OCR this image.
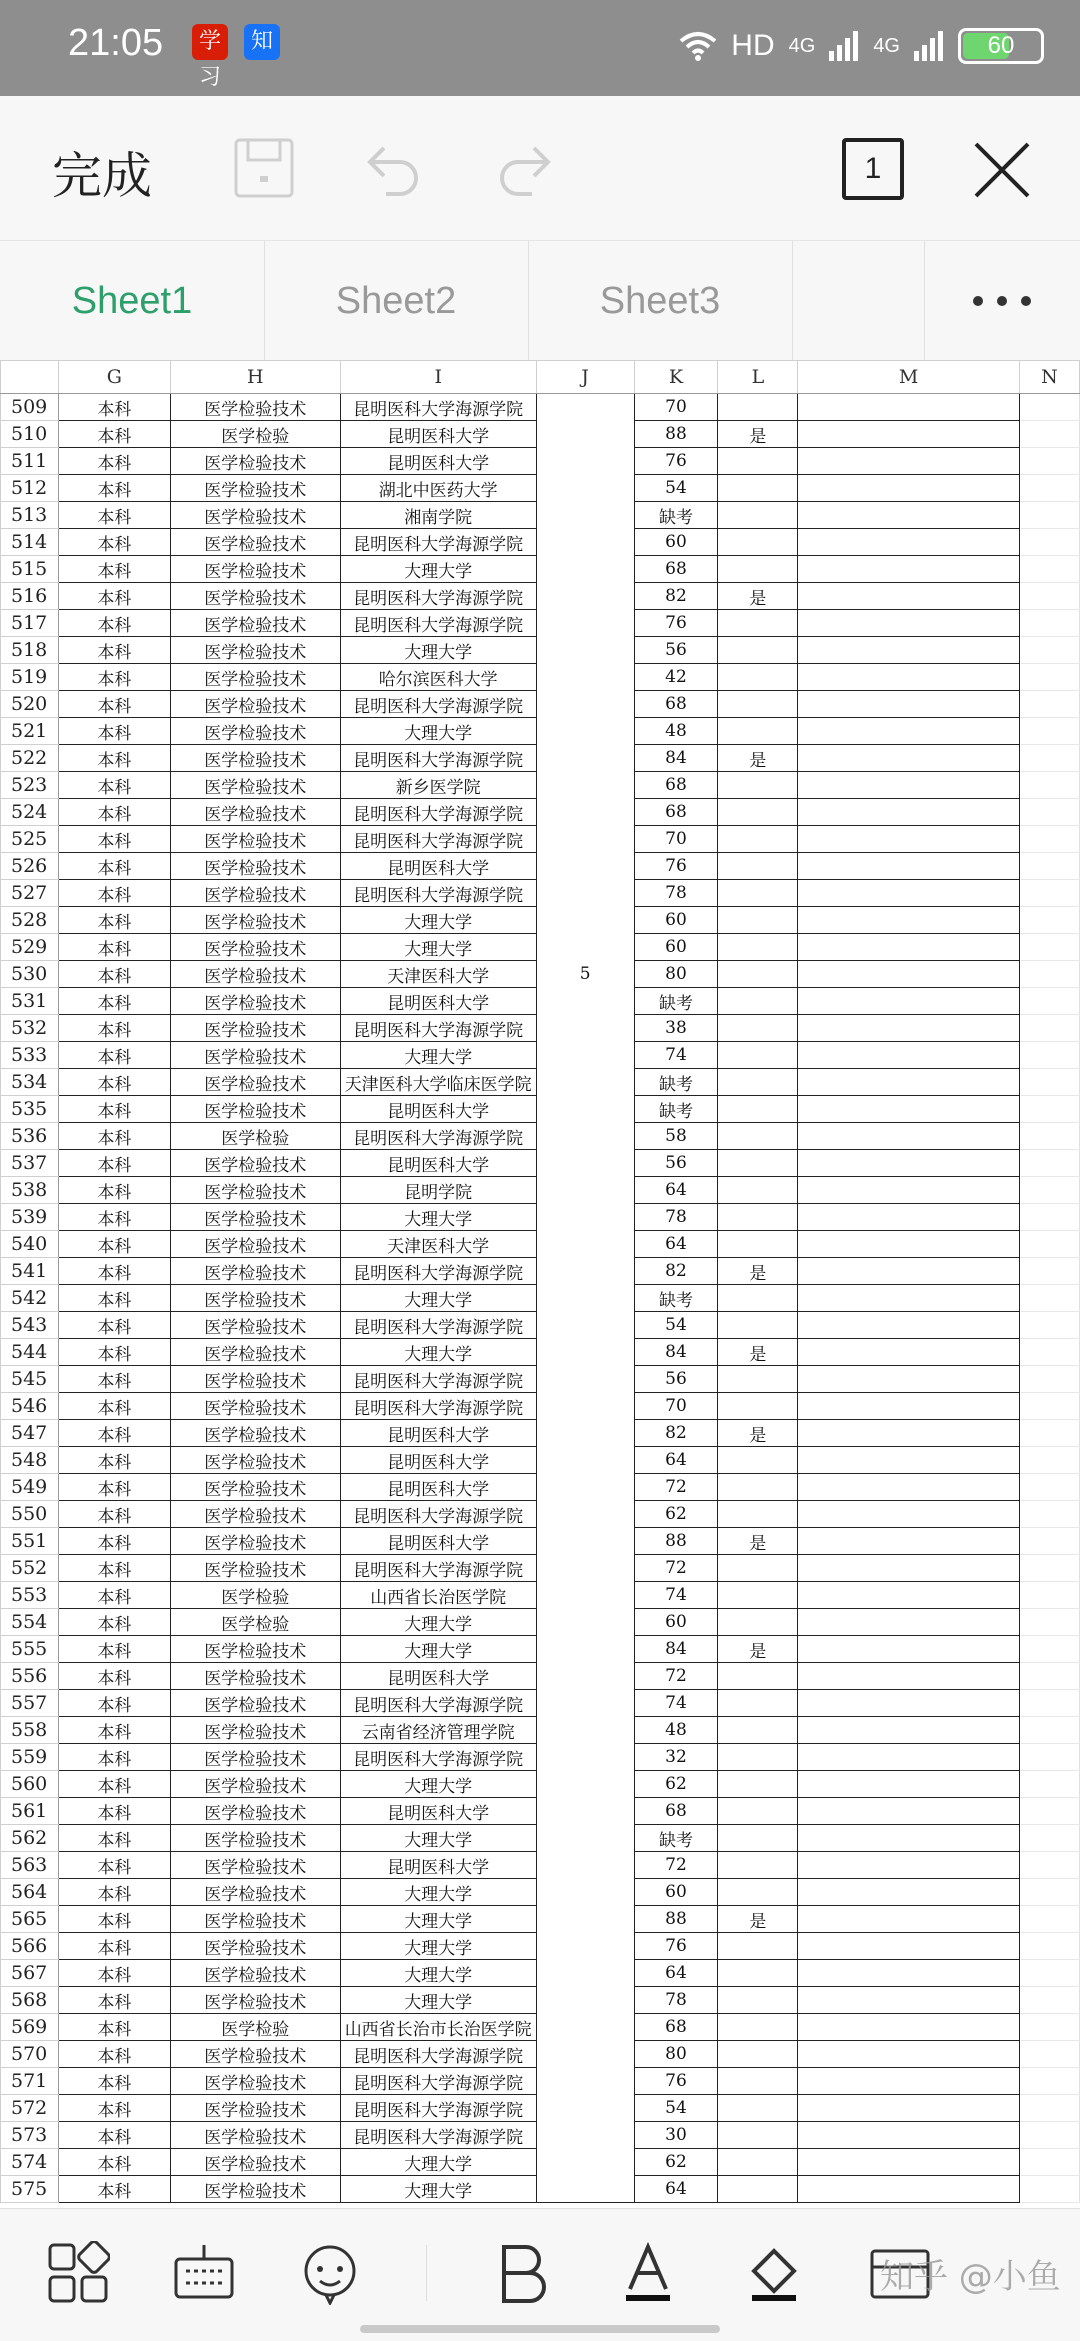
21:05	学习
知	HD 4G	4G	60
完成	1
Sheet1	Sheet2	Sheet3
	G	H	I	J	K	L	M	N
509	本科	医学检验技术	昆明医科大学海源学院		70			
510	本科	医学检验	昆明医科大学		88	是		
511	本科	医学检验技术	昆明医科大学		76			
512	本科	医学检验技术	湖北中医药大学		54			
513	本科	医学检验技术	湘南学院		缺考			
514	本科	医学检验技术	昆明医科大学海源学院		60			
515	本科	医学检验技术	大理大学		68			
516	本科	医学检验技术	昆明医科大学海源学院		82	是		
517	本科	医学检验技术	昆明医科大学海源学院		76			
518	本科	医学检验技术	大理大学		56			
519	本科	医学检验技术	哈尔滨医科大学		42			
520	本科	医学检验技术	昆明医科大学海源学院		68			
521	本科	医学检验技术	大理大学		48			
522	本科	医学检验技术	昆明医科大学海源学院		84	是		
523	本科	医学检验技术	新乡医学院		68			
524	本科	医学检验技术	昆明医科大学海源学院		68			
525	本科	医学检验技术	昆明医科大学海源学院		70			
526	本科	医学检验技术	昆明医科大学		76			
527	本科	医学检验技术	昆明医科大学海源学院		78			
528	本科	医学检验技术	大理大学		60			
529	本科	医学检验技术	大理大学		60			
530	本科	医学检验技术	天津医科大学	5	80			
531	本科	医学检验技术	昆明医科大学		缺考			
532	本科	医学检验技术	昆明医科大学海源学院		38			
533	本科	医学检验技术	大理大学		74			
534	本科	医学检验技术	天津医科大学临床医学院		缺考			
535	本科	医学检验技术	昆明医科大学		缺考			
536	本科	医学检验	昆明医科大学海源学院		58			
537	本科	医学检验技术	昆明医科大学		56			
538	本科	医学检验技术	昆明学院		64			
539	本科	医学检验技术	大理大学		78			
540	本科	医学检验技术	天津医科大学		64			
541	本科	医学检验技术	昆明医科大学海源学院		82	是		
542	本科	医学检验技术	大理大学		缺考			
543	本科	医学检验技术	昆明医科大学海源学院		54			
544	本科	医学检验技术	大理大学		84	是		
545	本科	医学检验技术	昆明医科大学海源学院		56			
546	本科	医学检验技术	昆明医科大学海源学院		70			
547	本科	医学检验技术	昆明医科大学		82	是		
548	本科	医学检验技术	昆明医科大学		64			
549	本科	医学检验技术	昆明医科大学		72			
550	本科	医学检验技术	昆明医科大学海源学院		62			
551	本科	医学检验技术	昆明医科大学		88	是		
552	本科	医学检验技术	昆明医科大学海源学院		72			
553	本科	医学检验	山西省长治医学院		74			
554	本科	医学检验	大理大学		60			
555	本科	医学检验技术	大理大学		84	是		
556	本科	医学检验技术	昆明医科大学		72			
557	本科	医学检验技术	昆明医科大学海源学院		74			
558	本科	医学检验技术	云南省经济管理学院		48			
559	本科	医学检验技术	昆明医科大学海源学院		32			
560	本科	医学检验技术	大理大学		62			
561	本科	医学检验技术	昆明医科大学		68			
562	本科	医学检验技术	大理大学		缺考			
563	本科	医学检验技术	昆明医科大学		72			
564	本科	医学检验技术	大理大学		60			
565	本科	医学检验技术	大理大学		88	是		
566	本科	医学检验技术	大理大学		76			
567	本科	医学检验技术	大理大学		64			
568	本科	医学检验技术	大理大学		78			
569	本科	医学检验	山西省长治市长治医学院		68			
570	本科	医学检验技术	昆明医科大学海源学院		80			
571	本科	医学检验技术	昆明医科大学海源学院		76			
572	本科	医学检验技术	昆明医科大学海源学院		54			
573	本科	医学检验技术	昆明医科大学海源学院		30			
574	本科	医学检验技术	大理大学		62			
575	本科	医学检验技术	大理大学		64			
知乎 @小鱼
